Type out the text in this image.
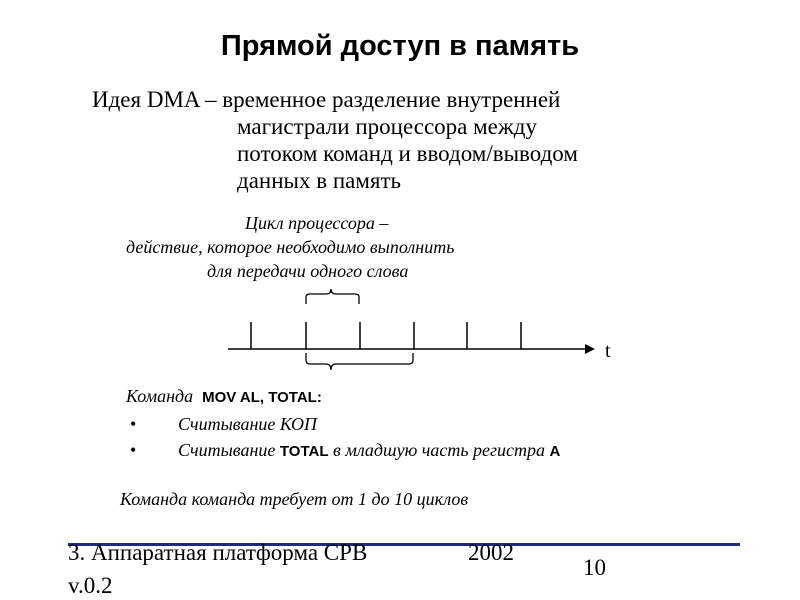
Прямой доступ в память
Идея DMA – временное разделение внутренней
магистрали процессора между
потоком команд и вводом/выводом
данных в память
Цикл процессора –
действие, которое необходимо выполнить
для передачи одного слова
t
Команда MOV AL, TOTAL:
• Считывание КОП
• Считывание TOTAL в младшую часть регистра A
Команда команда требует от 1 до 10 циклов
3. Аппаратная платформа СРВ	2002
v.0.2
10
